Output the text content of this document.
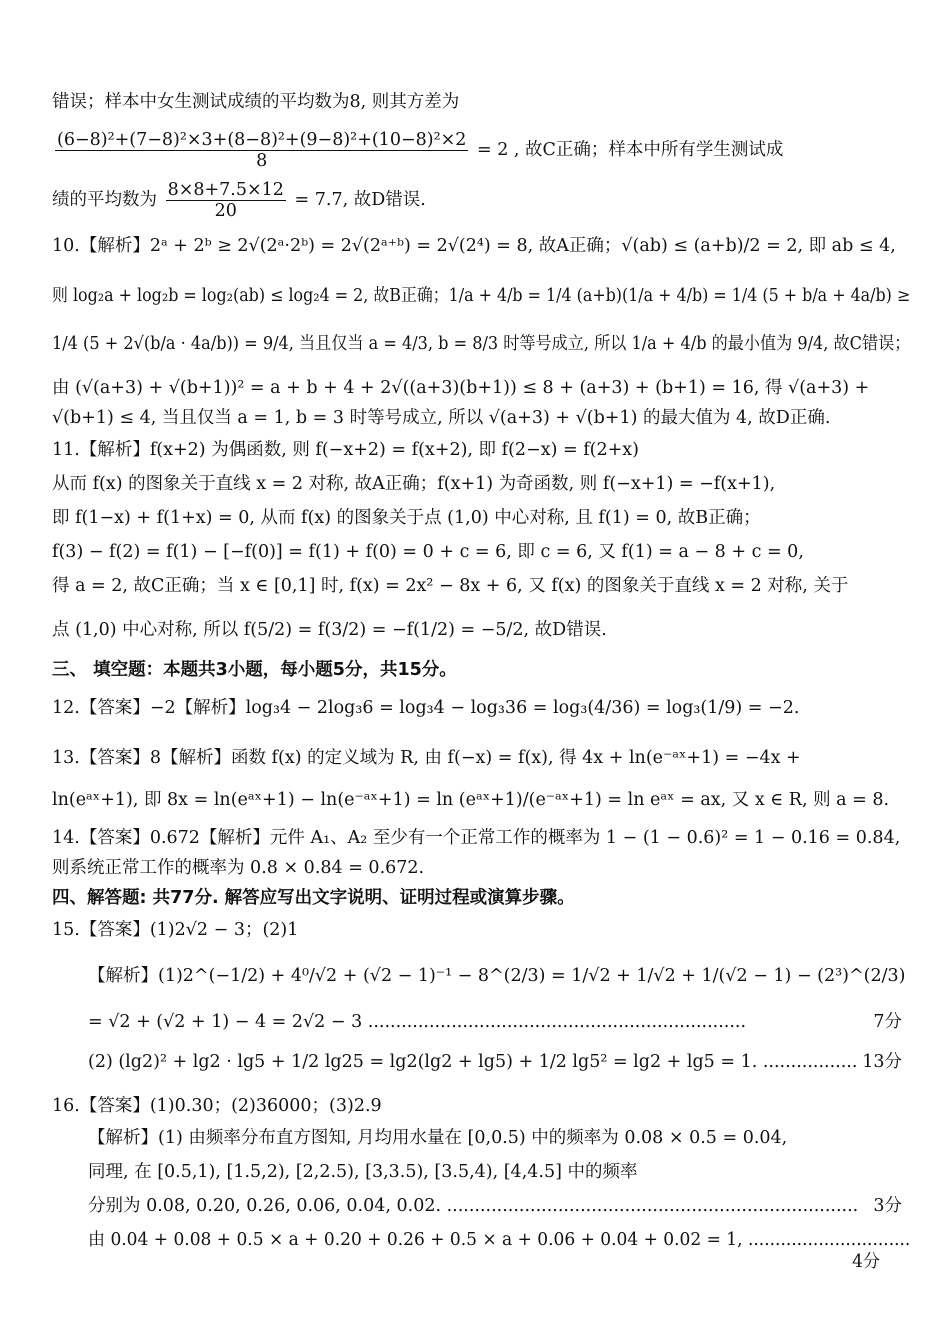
错误；样本中女生测试成绩的平均数为8, 则其方差为
$\frac{\text{(6−8)²+(7−8)²×3+(8−8)²+(9−8)²+(10−8)²×2}}{8} = 2$ , 故C正确；样本中所有学生测试成
绩的平均数为 $\frac{8\times 8+7.5\times 12}{20} = 7.7$, 故D错误.
10.【解析】2ᵃ + 2ᵇ ≥ 2√(2ᵃ·2ᵇ) = 2√(2ᵃ⁺ᵇ) = 2√(2⁴) = 8, 故A正确；√(ab) ≤ (a+b)/2 = 2, 即 ab ≤ 4,
则 log₂a + log₂b = log₂(ab) ≤ log₂4 = 2, 故B正确；1/a + 4/b = 1/4 (a+b)(1/a + 4/b) = 1/4 (5 + b/a + 4a/b) ≥
1/4 (5 + 2√(b/a · 4a/b)) = 9/4, 当且仅当 a = 4/3, b = 8/3 时等号成立, 所以 1/a + 4/b 的最小值为 9/4, 故C错误；
由 (√(a+3) + √(b+1))² = a + b + 4 + 2√((a+3)(b+1)) ≤ 8 + (a+3) + (b+1) = 16, 得 √(a+3) +
√(b+1) ≤ 4, 当且仅当 a = 1, b = 3 时等号成立, 所以 √(a+3) + √(b+1) 的最大值为 4, 故D正确.
11.【解析】f(x+2) 为偶函数, 则 f(−x+2) = f(x+2), 即 f(2−x) = f(2+x)
从而 f(x) 的图象关于直线 x = 2 对称, 故A正确；f(x+1) 为奇函数, 则 f(−x+1) = −f(x+1),
即 f(1−x) + f(1+x) = 0, 从而 f(x) 的图象关于点 (1,0) 中心对称, 且 f(1) = 0, 故B正确；
f(3) − f(2) = f(1) − [−f(0)] = f(1) + f(0) = 0 + c = 6, 即 c = 6, 又 f(1) = a − 8 + c = 0,
得 a = 2, 故C正确；当 x ∈ [0,1] 时, f(x) = 2x² − 8x + 6, 又 f(x) 的图象关于直线 x = 2 对称, 关于
点 (1,0) 中心对称, 所以 f(5/2) = f(3/2) = −f(1/2) = −5/2, 故D错误.
三、 填空题：本题共3小题，每小题5分，共15分。
12.【答案】−2【解析】log₃4 − 2log₃6 = log₃4 − log₃36 = log₃(4/36) = log₃(1/9) = −2.
13.【答案】8【解析】函数 f(x) 的定义域为 R, 由 f(−x) = f(x), 得 4x + ln(e⁻ᵃˣ+1) = −4x +
ln(eᵃˣ+1), 即 8x = ln(eᵃˣ+1) − ln(e⁻ᵃˣ+1) = ln (eᵃˣ+1)/(e⁻ᵃˣ+1) = ln eᵃˣ = ax, 又 x ∈ R, 则 a = 8.
14.【答案】0.672【解析】元件 A₁、A₂ 至少有一个正常工作的概率为 1 − (1 − 0.6)² = 1 − 0.16 = 0.84,
则系统正常工作的概率为 0.8 × 0.84 = 0.672.
四、解答题: 共77分. 解答应写出文字说明、证明过程或演算步骤。
15.【答案】(1)2√2 − 3；(2)1
【解析】(1)2^(−1/2) + 4⁰/√2 + (√2 − 1)⁻¹ − 8^(2/3) = 1/√2 + 1/√2 + 1/(√2 − 1) − (2³)^(2/3)
= √2 + (√2 + 1) − 4 = 2√2 − 3 ....................................................................	7分
(2) (lg2)² + lg2 · lg5 + 1/2 lg25 = lg2(lg2 + lg5) + 1/2 lg5² = lg2 + lg5 = 1. ................. 13分
16.【答案】(1)0.30；(2)36000；(3)2.9
【解析】(1) 由频率分布直方图知, 月均用水量在 [0,0.5) 中的频率为 0.08 × 0.5 = 0.04,
同理, 在 [0.5,1), [1.5,2), [2,2.5), [3,3.5), [3.5,4), [4,4.5] 中的频率
分别为 0.08, 0.20, 0.26, 0.06, 0.04, 0.02. .......................................................................... 3分
由 0.04 + 0.08 + 0.5 × a + 0.20 + 0.26 + 0.5 × a + 0.06 + 0.04 + 0.02 = 1, ..............................
4分
